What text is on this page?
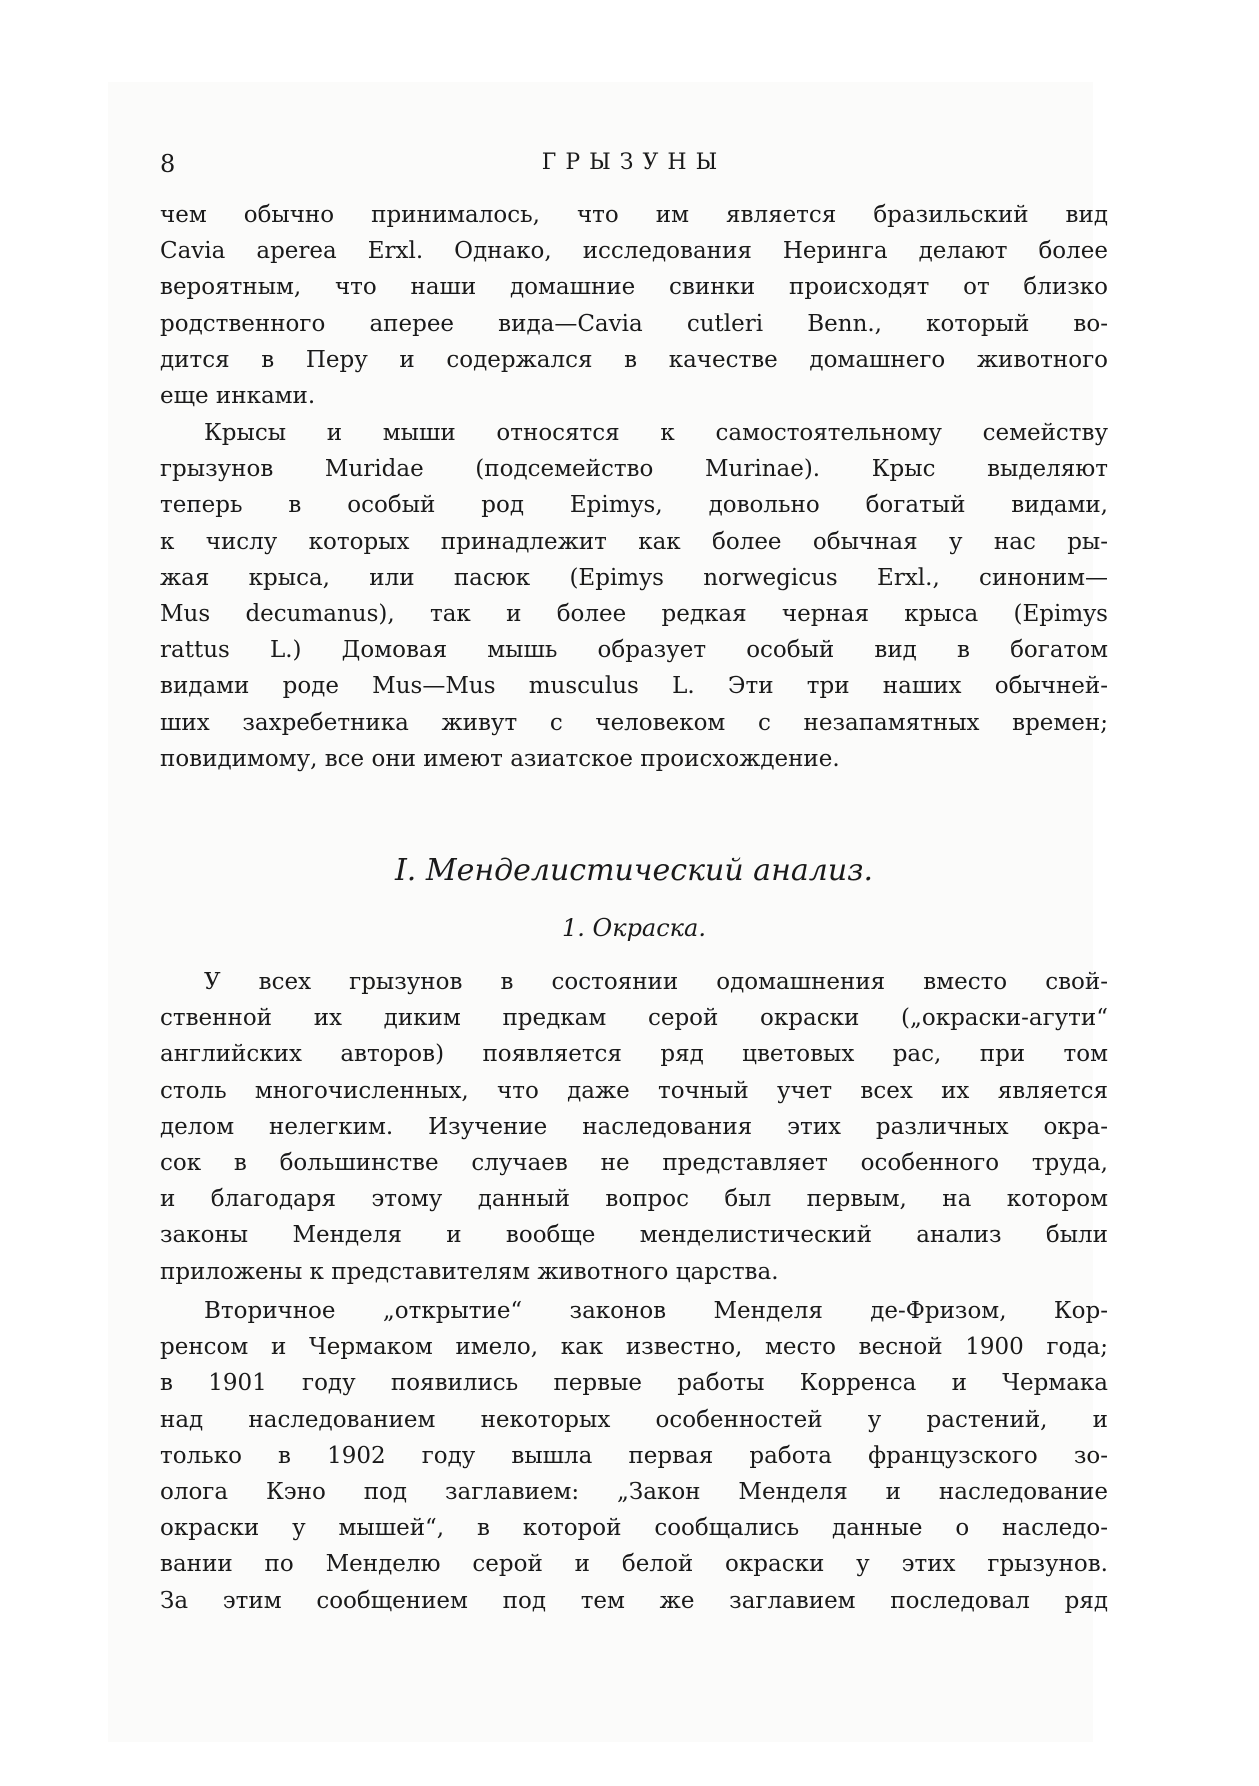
8	ГРЫЗУНЫ
чем обычно принималось, что им является бразильский вид
Cavia aperea Erxl. Однако, исследования Неринга делают более
вероятным, что наши домашние свинки происходят от близко
родственного аперее вида—Cavia cutleri Benn., который во-
дится в Перу и содержался в качестве домашнего животного
еще инками.
Крысы и мыши относятся к самостоятельному семейству
грызунов Muridae (подсемейство Murinae). Крыс выделяют
теперь в особый род Epimys, довольно богатый видами,
к числу которых принадлежит как более обычная у нас ры-
жая крыса, или пасюк (Epimys norwegicus Erxl., синоним—
Mus decumanus), так и более редкая черная крыса (Epimys
rattus L.) Домовая мышь образует особый вид в богатом
видами роде Mus—Mus musculus L. Эти три наших обычней-
ших захребетника живут с человеком с незапамятных времен;
повидимому, все они имеют азиатское происхождение.
I. Менделистический анализ.
1. Окраска.
У всех грызунов в состоянии одомашнения вместо свой-
ственной их диким предкам серой окраски („окраски-агути“
английских авторов) появляется ряд цветовых рас, при том
столь многочисленных, что даже точный учет всех их является
делом нелегким. Изучение наследования этих различных окра-
сок в большинстве случаев не представляет особенного труда,
и благодаря этому данный вопрос был первым, на котором
законы Менделя и вообще менделистический анализ были
приложены к представителям животного царства.
Вторичное „открытие“ законов Менделя де-Фризом, Кор-
ренсом и Чермаком имело, как известно, место весной 1900 года;
в 1901 году появились первые работы Корренса и Чермака
над наследованием некоторых особенностей у растений, и
только в 1902 году вышла первая работа французского зо-
олога Кэно под заглавием: „Закон Менделя и наследование
окраски у мышей“, в которой сообщались данные о наследо-
вании по Менделю серой и белой окраски у этих грызунов.
За этим сообщением под тем же заглавием последовал ряд
